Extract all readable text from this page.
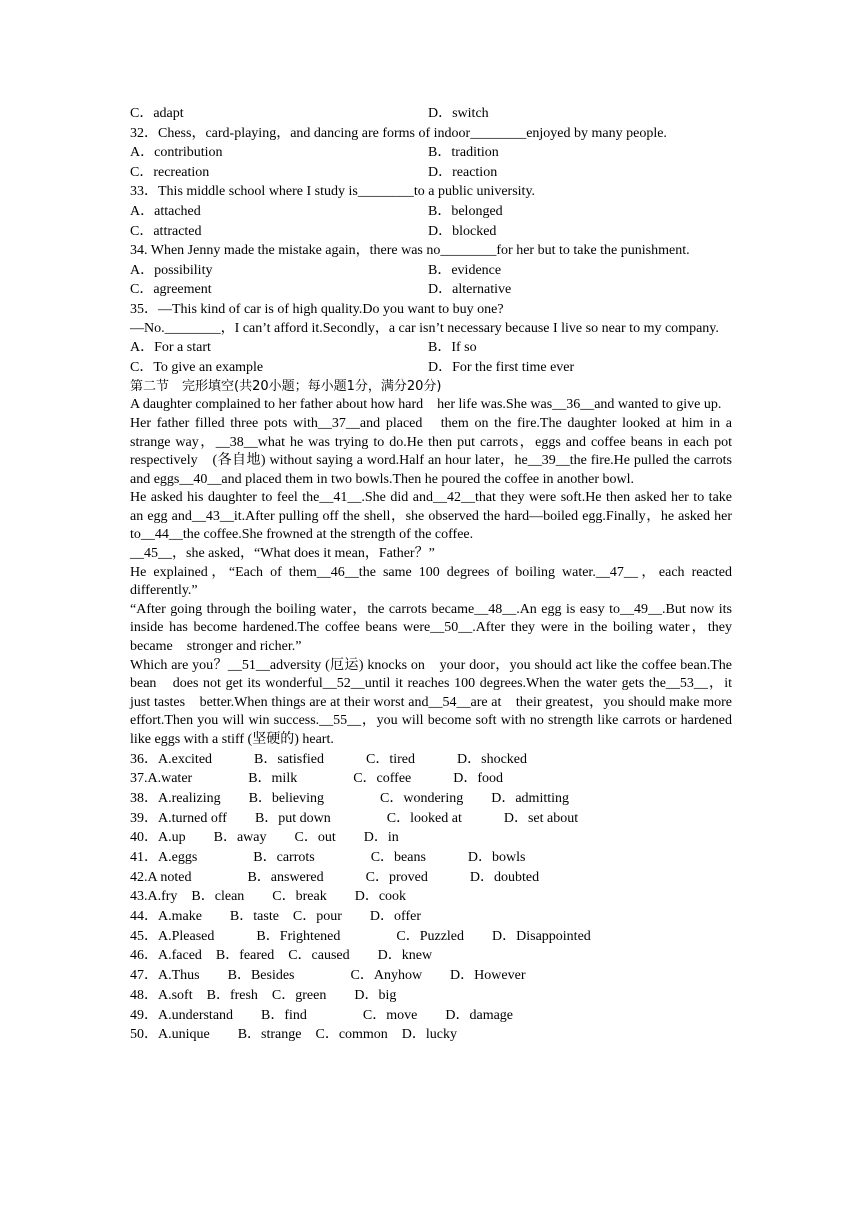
C．adapt	D．switch
32．Chess，card-playing，and dancing are forms of indoor________enjoyed by many people.
A．contribution	B．tradition
C．recreation	D．reaction
33．This middle school where I study is________to a public university.
A．attached	B．belonged
C．attracted	D．blocked
34. When Jenny made the mistake again，there was no________for her but to take the punishment.
A．possibility	B．evidence
C．agreement	D．alternative
35．—This kind of car is of high quality.Do you want to buy one?

—No.________，I can’t afford it.Secondly，a car isn’t necessary because I live so near to my company.

A．For a start	B．If so
C．To give an example	D．For the first time ever
第二节　完形填空(共20小题；每小题1分，满分20分)

A daughter complained to her father about how hard　her life was.She was__36__and wanted to give up.

Her father filled three pots with__37__and placed　them on the fire.The daughter looked at him in a strange way，__38__what he was trying to do.He then put carrots，eggs and coffee beans in each pot respectively　(各自地) without saying a word.Half an hour later，he__39__the fire.He pulled the carrots and eggs__40__and placed them in two bowls.Then he poured the coffee in another bowl.

He asked his daughter to feel the__41__.She did and__42__that they were soft.He then asked her to take an egg and__43__it.After pulling off the shell，she observed the hard—boiled egg.Finally，he asked her to__44__the coffee.She frowned at the strength of the coffee.

__45__，she asked，“What does it mean，Father？”

He explained，“Each of them__46__the same 100 degrees of boiling water.__47__，each reacted differently.”

“After going through the boiling water，the carrots became__48__.An egg is easy to__49__.But now its　inside has become hardened.The coffee beans were__50__.After they were in the boiling water，they became　stronger and richer.”

Which are you？__51__adversity (厄运) knocks on　your door，you should act like the coffee bean.The bean　does not get its wonderful__52__until it reaches 100 degrees.When the water gets the__53__，it just tastes　better.When things are at their worst and__54__are at　their greatest，you should make more effort.Then you will win success.__55__，you will become soft with no strength like carrots or hardened like eggs with a stiff (坚硬的) heart.

36．A.excited　　　B．satisfied　　　C．tired　　　D．shocked
37.A.water　　　　B．milk　　　　C．coffee　　　D．food
38．A.realizing　　B．believing　　　　C．wondering　　D．admitting
39．A.turned off　　B．put down　　　　C．looked at　　　D．set about
40．A.up　　B．away　　C．out　　D．in
41．A.eggs　　　　B．carrots　　　　C．beans　　　D．bowls
42.A noted　　　　B．answered　　　C．proved　　　D．doubted
43.A.fry　B．clean　　C．break　　D．cook
44．A.make　　B．taste　C．pour　　D．offer
45．A.Pleased　　　B．Frightened　　　　C．Puzzled　　D．Disappointed
46．A.faced　B．feared　C．caused　　D．knew
47．A.Thus　　B．Besides　　　　C．Anyhow　　D．However
48．A.soft　B．fresh　C．green　　D．big
49．A.understand　　B．find　　　　C．move　　D．damage
50．A.unique　　B．strange　C．common　D．lucky
